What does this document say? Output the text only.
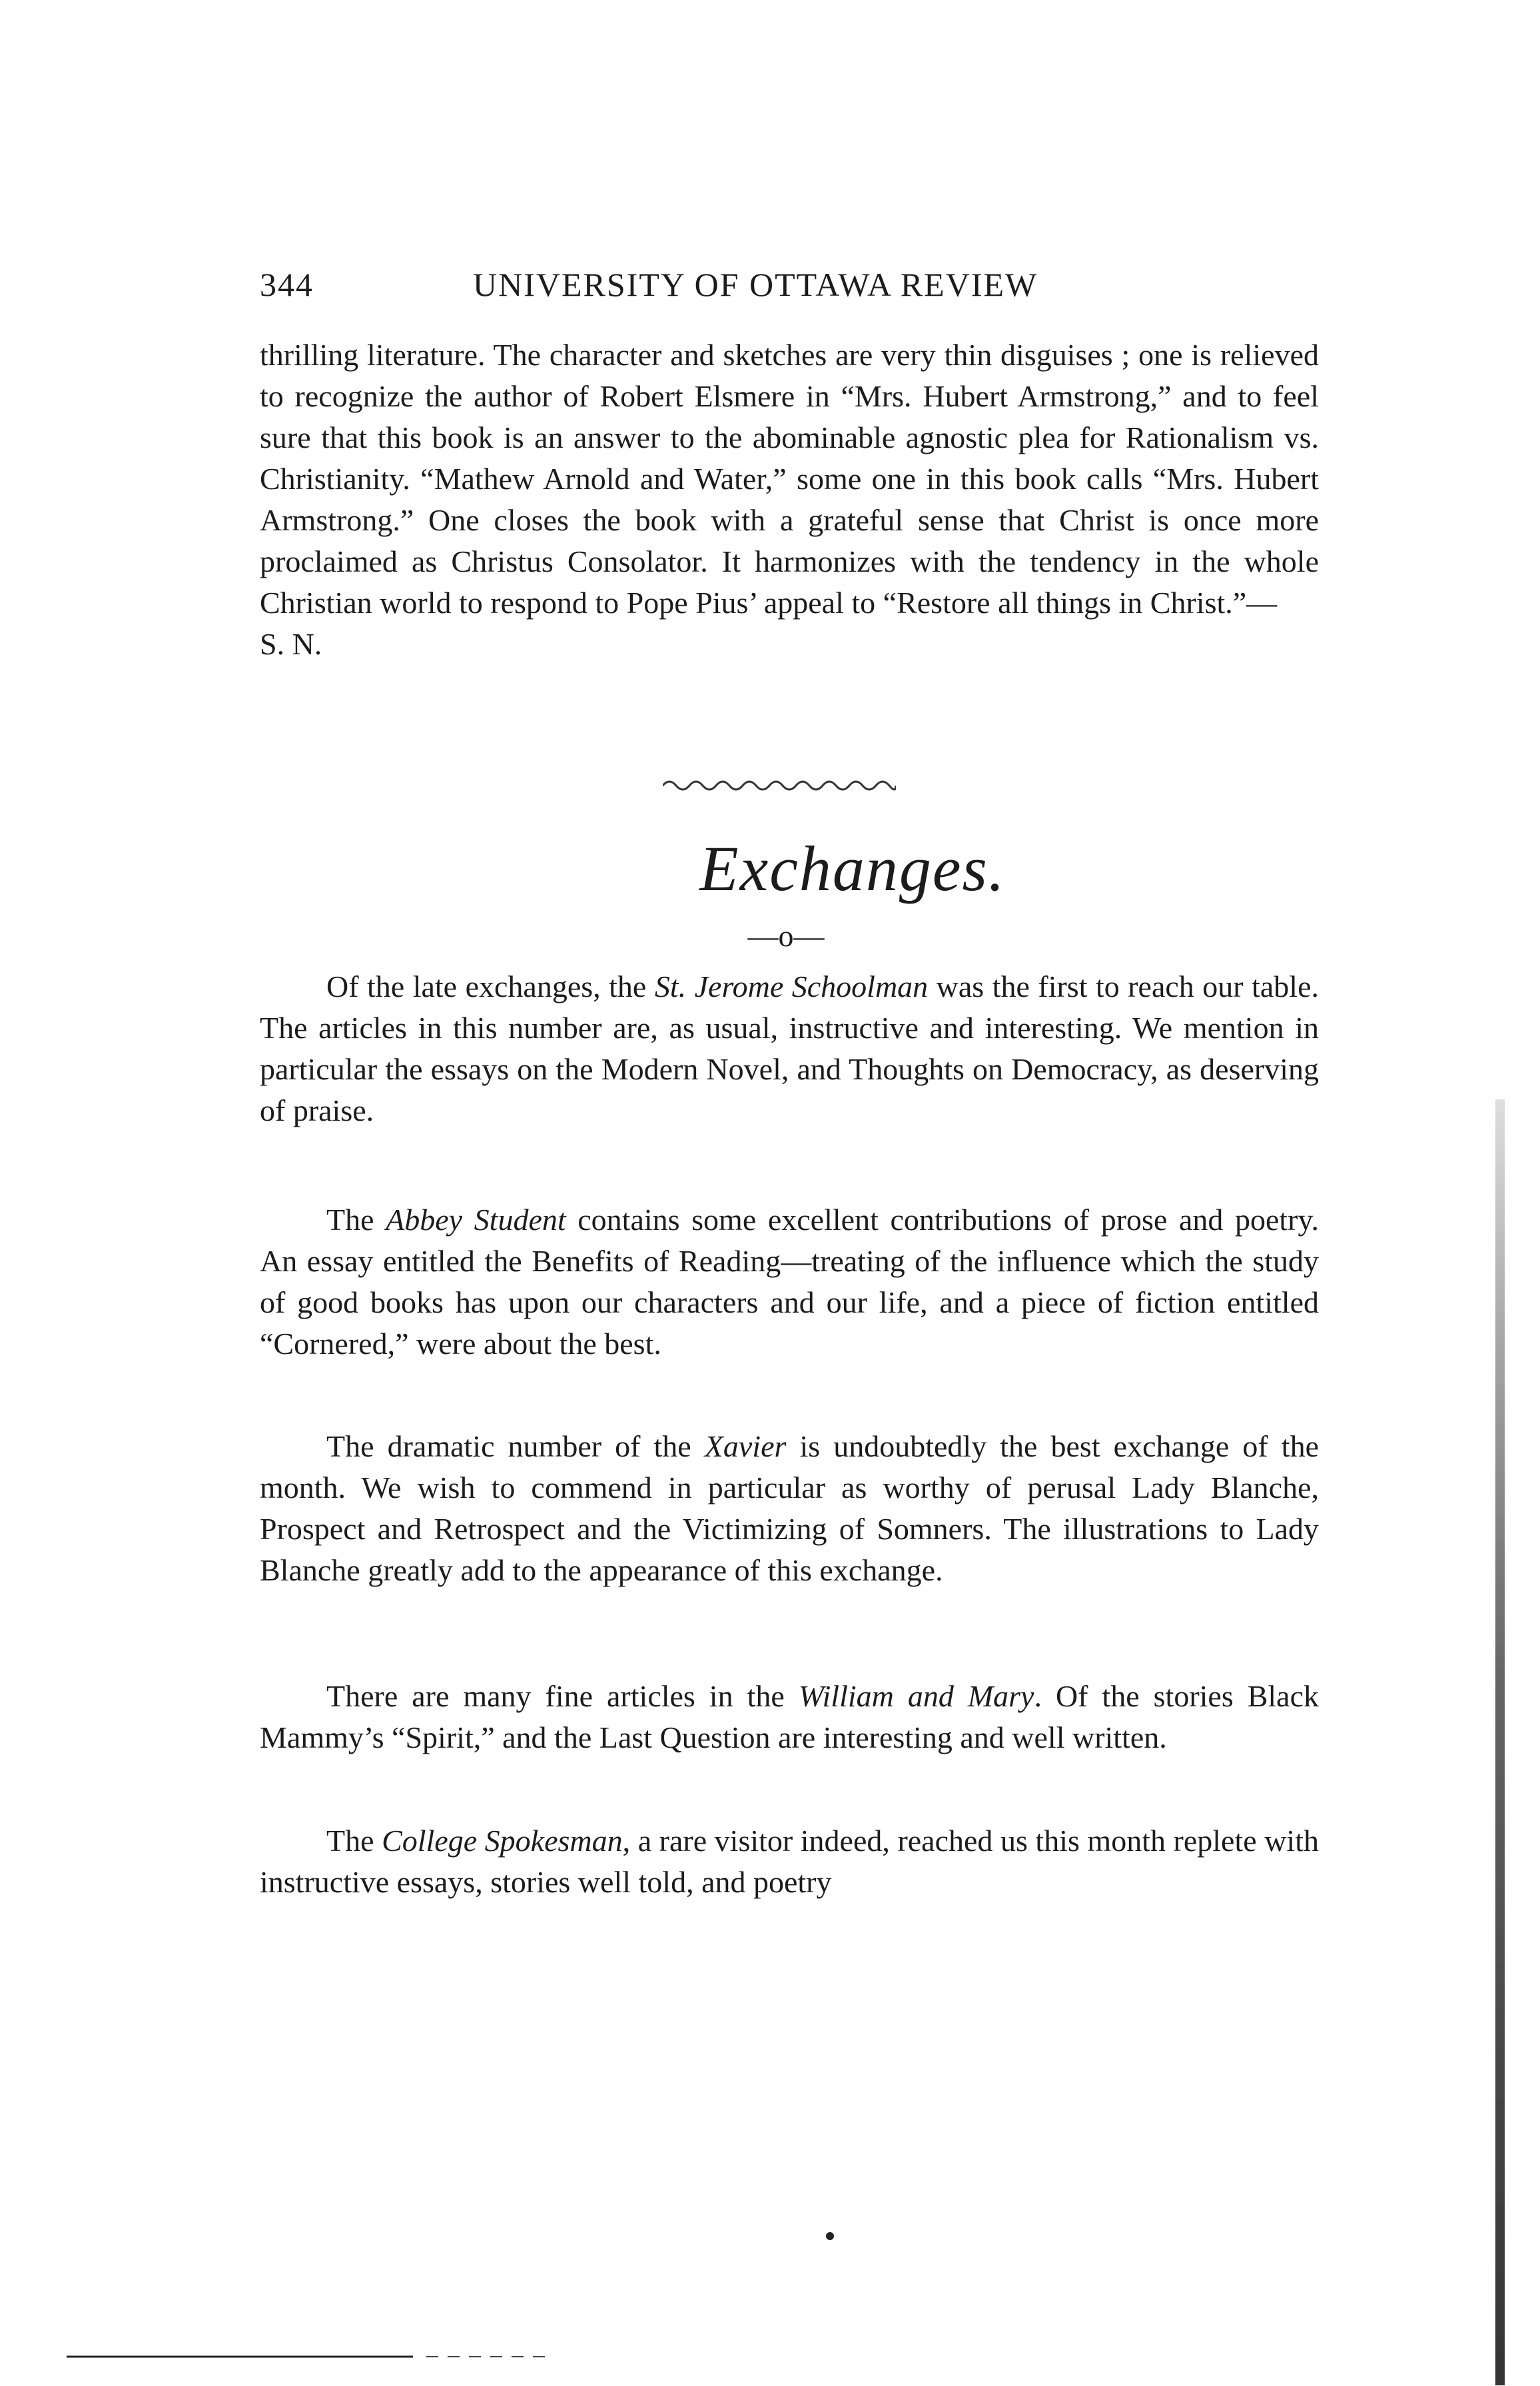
344	UNIVERSITY OF OTTAWA REVIEW

thrilling literature. The character and sketches are very thin disguises ; one is relieved to recognize the author of Robert Elsmere in “Mrs. Hubert Armstrong,” and to feel sure that this book is an answer to the abominable agnostic plea for Rationalism vs. Christianity. “Mathew Arnold and Water,” some one in this book calls “Mrs. Hubert Armstrong.” One closes the book with a grateful sense that Christ is once more proclaimed as Christus Consolator. It harmonizes with the tendency in the whole Christian world to respond to Pope Pius’ appeal to “Restore all things in Christ.”—

S. N.

Exchanges.
—o—

Of the late exchanges, the St. Jerome Schoolman was the first to reach our table. The articles in this number are, as usual, instructive and interesting. We mention in particular the essays on the Modern Novel, and Thoughts on Democracy, as deserving of praise.

The Abbey Student contains some excellent contributions of prose and poetry. An essay entitled the Benefits of Reading—treating of the influence which the study of good books has upon our characters and our life, and a piece of fiction entitled “Cornered,” were about the best.

The dramatic number of the Xavier is undoubtedly the best exchange of the month. We wish to commend in particular as worthy of perusal Lady Blanche, Prospect and Retrospect and the Victimizing of Somners. The illustrations to Lady Blanche greatly add to the appearance of this exchange.

There are many fine articles in the William and Mary. Of the stories Black Mammy’s “Spirit,” and the Last Question are interesting and well written.

The College Spokesman, a rare visitor indeed, reached us this month replete with instructive essays, stories well told, and poetry
